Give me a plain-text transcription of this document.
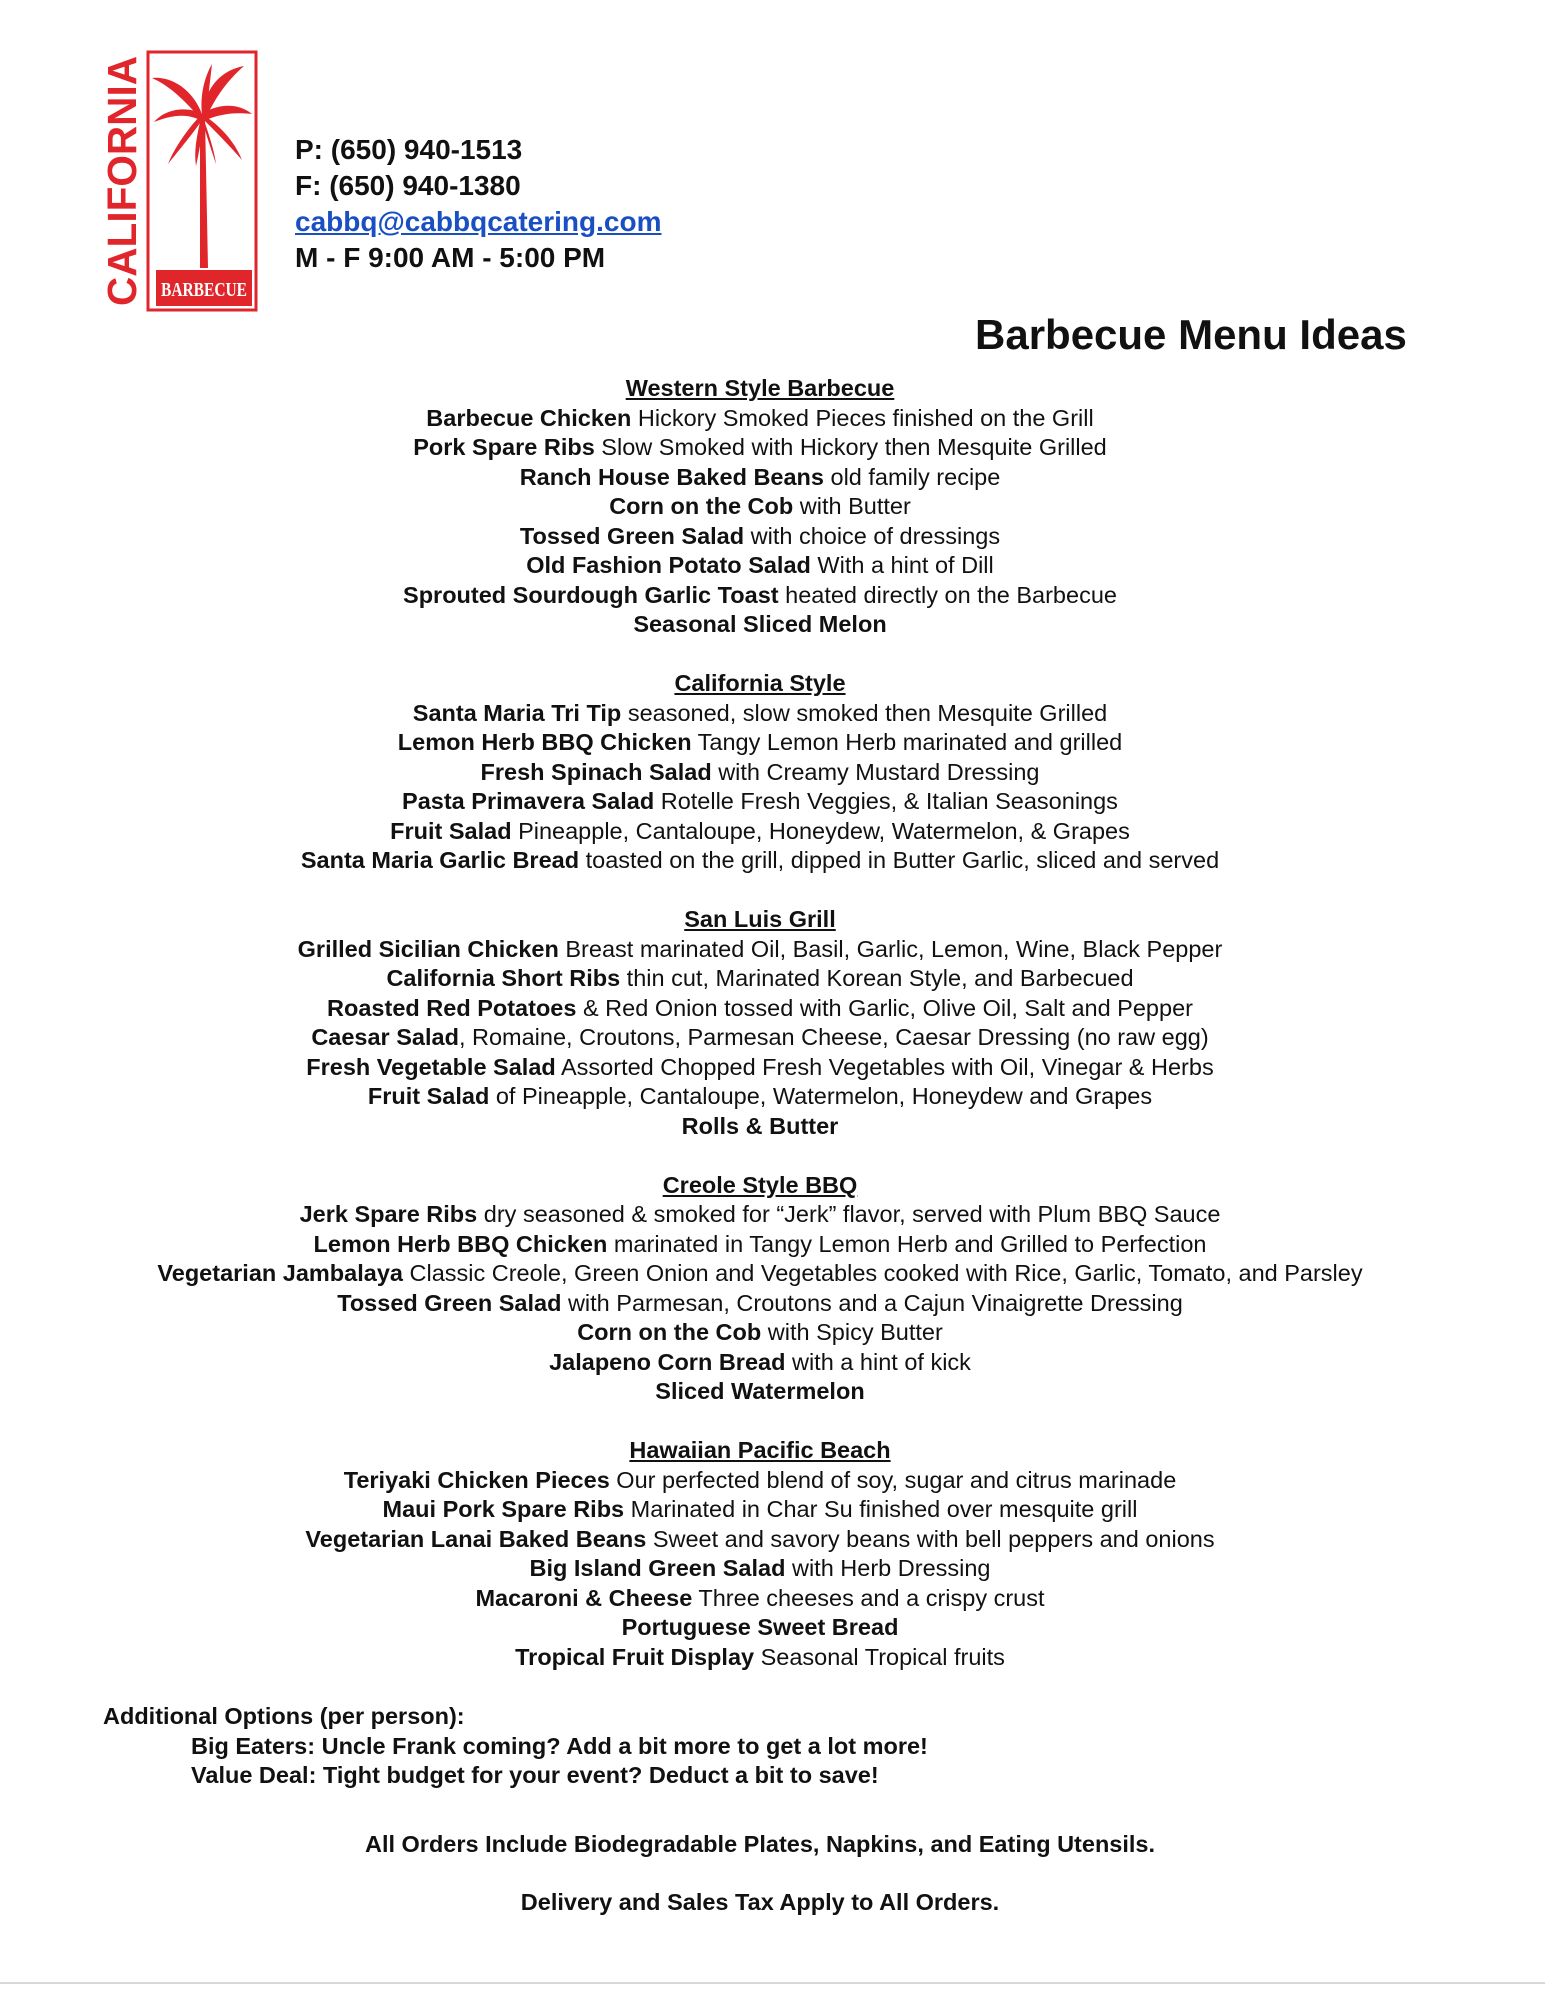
CALIFORNIA BARBECUE
P: (650) 940-1513
F: (650) 940-1380
cabbq@cabbqcatering.com
M - F 9:00 AM - 5:00 PM
Barbecue Menu Ideas
Western Style Barbecue
Barbecue Chicken Hickory Smoked Pieces finished on the Grill
Pork Spare Ribs Slow Smoked with Hickory then Mesquite Grilled
Ranch House Baked Beans old family recipe
Corn on the Cob with Butter
Tossed Green Salad with choice of dressings
Old Fashion Potato Salad With a hint of Dill
Sprouted Sourdough Garlic Toast heated directly on the Barbecue
Seasonal Sliced Melon
California Style
Santa Maria Tri Tip seasoned, slow smoked then Mesquite Grilled
Lemon Herb BBQ Chicken Tangy Lemon Herb marinated and grilled
Fresh Spinach Salad with Creamy Mustard Dressing
Pasta Primavera Salad Rotelle Fresh Veggies, & Italian Seasonings
Fruit Salad Pineapple, Cantaloupe, Honeydew, Watermelon, & Grapes
Santa Maria Garlic Bread toasted on the grill, dipped in Butter Garlic, sliced and served
San Luis Grill
Grilled Sicilian Chicken Breast marinated Oil, Basil, Garlic, Lemon, Wine, Black Pepper
California Short Ribs thin cut, Marinated Korean Style, and Barbecued
Roasted Red Potatoes & Red Onion tossed with Garlic, Olive Oil, Salt and Pepper
Caesar Salad, Romaine, Croutons, Parmesan Cheese, Caesar Dressing (no raw egg)
Fresh Vegetable Salad Assorted Chopped Fresh Vegetables with Oil, Vinegar & Herbs
Fruit Salad of Pineapple, Cantaloupe, Watermelon, Honeydew and Grapes
Rolls & Butter
Creole Style BBQ
Jerk Spare Ribs dry seasoned & smoked for “Jerk” flavor, served with Plum BBQ Sauce
Lemon Herb BBQ Chicken marinated in Tangy Lemon Herb and Grilled to Perfection
Vegetarian Jambalaya Classic Creole, Green Onion and Vegetables cooked with Rice, Garlic, Tomato, and Parsley
Tossed Green Salad with Parmesan, Croutons and a Cajun Vinaigrette Dressing
Corn on the Cob with Spicy Butter
Jalapeno Corn Bread with a hint of kick
Sliced Watermelon
Hawaiian Pacific Beach
Teriyaki Chicken Pieces Our perfected blend of soy, sugar and citrus marinade
Maui Pork Spare Ribs Marinated in Char Su finished over mesquite grill
Vegetarian Lanai Baked Beans Sweet and savory beans with bell peppers and onions
Big Island Green Salad with Herb Dressing
Macaroni & Cheese Three cheeses and a crispy crust
Portuguese Sweet Bread
Tropical Fruit Display Seasonal Tropical fruits
Additional Options (per person):
Big Eaters: Uncle Frank coming? Add a bit more to get a lot more!
Value Deal: Tight budget for your event? Deduct a bit to save!
All Orders Include Biodegradable Plates, Napkins, and Eating Utensils.
Delivery and Sales Tax Apply to All Orders.
